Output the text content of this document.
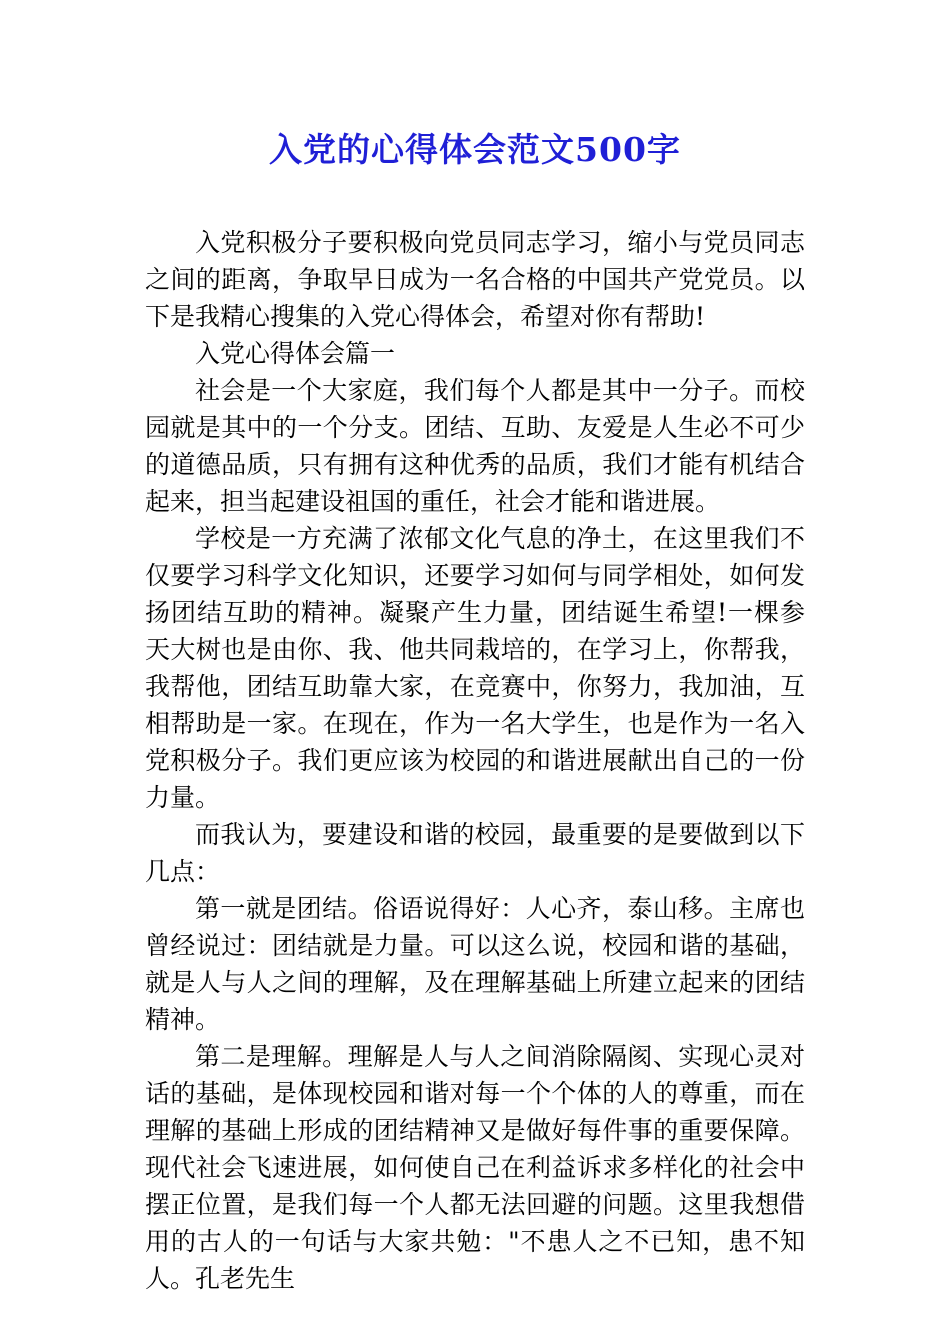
入党的心得体会范文500字

入党积极分子要积极向党员同志学习，缩小与党员同志之间的距离，争取早日成为一名合格的中国共产党党员。以下是我精心搜集的入党心得体会，希望对你有帮助!

入党心得体会篇一

社会是一个大家庭，我们每个人都是其中一分子。而校园就是其中的一个分支。团结、互助、友爱是人生必不可少的道德品质，只有拥有这种优秀的品质，我们才能有机结合起来，担当起建设祖国的重任，社会才能和谐进展。

学校是一方充满了浓郁文化气息的净土，在这里我们不仅要学习科学文化知识，还要学习如何与同学相处，如何发扬团结互助的精神。凝聚产生力量，团结诞生希望!一棵参天大树也是由你、我、他共同栽培的，在学习上，你帮我，我帮他，团结互助靠大家，在竞赛中，你努力，我加油，互相帮助是一家。在现在，作为一名大学生，也是作为一名入党积极分子。我们更应该为校园的和谐进展献出自己的一份力量。

而我认为，要建设和谐的校园，最重要的是要做到以下几点：

第一就是团结。俗语说得好：人心齐，泰山移。主席也曾经说过：团结就是力量。可以这么说，校园和谐的基础，就是人与人之间的理解，及在理解基础上所建立起来的团结精神。

第二是理解。理解是人与人之间消除隔阂、实现心灵对话的基础，是体现校园和谐对每一个个体的人的尊重，而在理解的基础上形成的团结精神又是做好每件事的重要保障。现代社会飞速进展，如何使自己在利益诉求多样化的社会中摆正位置，是我们每一个人都无法回避的问题。这里我想借用的古人的一句话与大家共勉："不患人之不已知，患不知人。孔老先生
